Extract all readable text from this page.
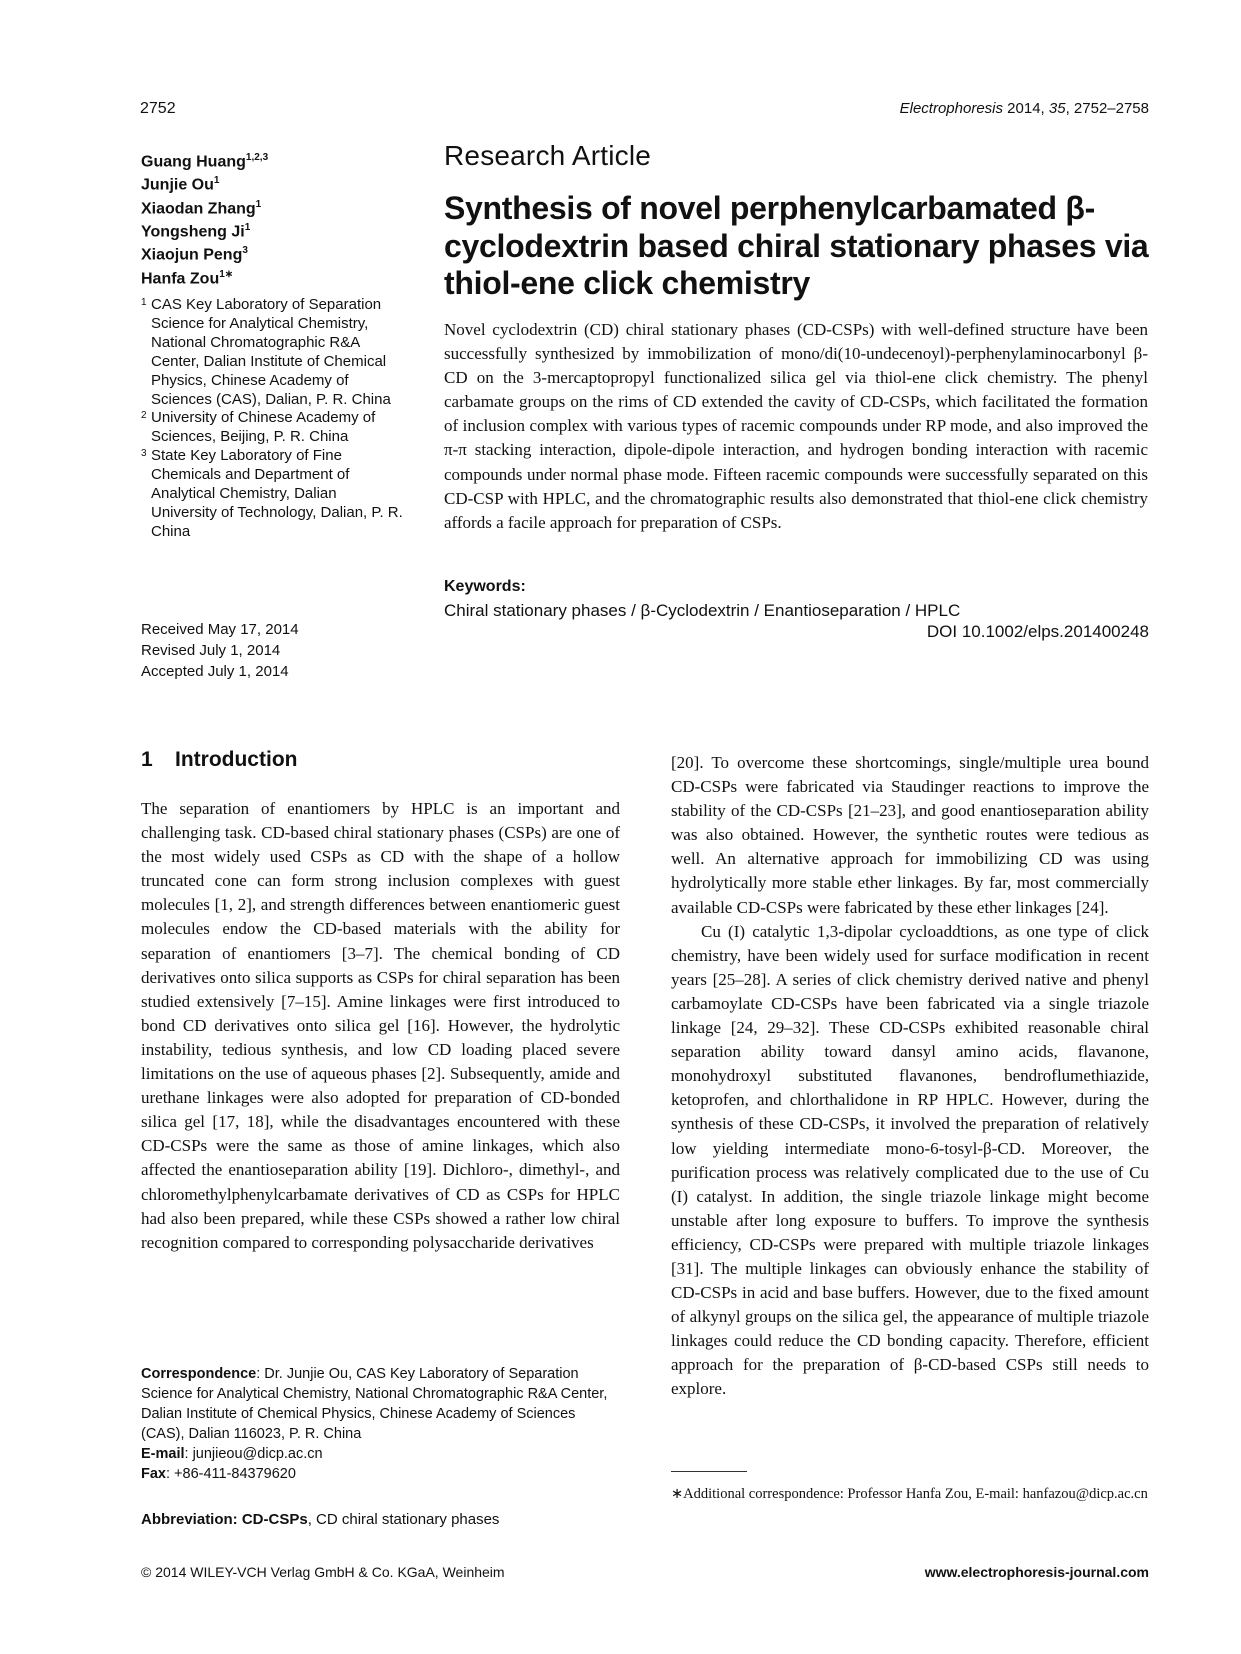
2752	Electrophoresis 2014, 35, 2752–2758
Guang Huang$^{1,2,3}$
Junjie Ou$^1$
Xiaodan Zhang$^1$
Yongsheng Ji$^1$
Xiaojun Peng$^3$
Hanfa Zou$^{1∗}$
1 CAS Key Laboratory of Separation Science for Analytical Chemistry, National Chromatographic R&A Center, Dalian Institute of Chemical Physics, Chinese Academy of Sciences (CAS), Dalian, P. R. China
2 University of Chinese Academy of Sciences, Beijing, P. R. China
3 State Key Laboratory of Fine Chemicals and Department of Analytical Chemistry, Dalian University of Technology, Dalian, P. R. China
Received May 17, 2014
Revised July 1, 2014
Accepted July 1, 2014
Research Article
Synthesis of novel perphenylcarbamated β-cyclodextrin based chiral stationary phases via thiol-ene click chemistry
Novel cyclodextrin (CD) chiral stationary phases (CD-CSPs) with well-defined structure have been successfully synthesized by immobilization of mono/di(10-undecenoyl)-perphenylaminocarbonyl β-CD on the 3-mercaptopropyl functionalized silica gel via thiol-ene click chemistry. The phenyl carbamate groups on the rims of CD extended the cavity of CD-CSPs, which facilitated the formation of inclusion complex with various types of racemic compounds under RP mode, and also improved the π-π stacking interaction, dipole-dipole interaction, and hydrogen bonding interaction with racemic compounds under normal phase mode. Fifteen racemic compounds were successfully separated on this CD-CSP with HPLC, and the chromatographic results also demonstrated that thiol-ene click chemistry affords a facile approach for preparation of CSPs.
Keywords:
Chiral stationary phases / β-Cyclodextrin / Enantioseparation / HPLC
DOI 10.1002/elps.201400248
1 Introduction

The separation of enantiomers by HPLC is an important and challenging task. CD-based chiral stationary phases (CSPs) are one of the most widely used CSPs as CD with the shape of a hollow truncated cone can form strong inclusion complexes with guest molecules [1, 2], and strength differences between enantiomeric guest molecules endow the CD-based materials with the ability for separation of enantiomers [3–7]. The chemical bonding of CD derivatives onto silica supports as CSPs for chiral separation has been studied extensively [7–15]. Amine linkages were first introduced to bond CD derivatives onto silica gel [16]. However, the hydrolytic instability, tedious synthesis, and low CD loading placed severe limitations on the use of aqueous phases [2]. Subsequently, amide and urethane linkages were also adopted for preparation of CD-bonded silica gel [17, 18], while the disadvantages encountered with these CD-CSPs were the same as those of amine linkages, which also affected the enantioseparation ability [19]. Dichloro-, dimethyl-, and chloromethylphenylcarbamate derivatives of CD as CSPs for HPLC had also been prepared, while these CSPs showed a rather low chiral recognition compared to corresponding polysaccharide derivatives

[20]. To overcome these shortcomings, single/multiple urea bound CD-CSPs were fabricated via Staudinger reactions to improve the stability of the CD-CSPs [21–23], and good enantioseparation ability was also obtained. However, the synthetic routes were tedious as well. An alternative approach for immobilizing CD was using hydrolytically more stable ether linkages. By far, most commercially available CD-CSPs were fabricated by these ether linkages [24].

Cu (I) catalytic 1,3-dipolar cycloaddtions, as one type of click chemistry, have been widely used for surface modification in recent years [25–28]. A series of click chemistry derived native and phenyl carbamoylate CD-CSPs have been fabricated via a single triazole linkage [24, 29–32]. These CD-CSPs exhibited reasonable chiral separation ability toward dansyl amino acids, flavanone, monohydroxyl substituted flavanones, bendroflumethiazide, ketoprofen, and chlorthalidone in RP HPLC. However, during the synthesis of these CD-CSPs, it involved the preparation of relatively low yielding intermediate mono-6-tosyl-β-CD. Moreover, the purification process was relatively complicated due to the use of Cu (I) catalyst. In addition, the single triazole linkage might become unstable after long exposure to buffers. To improve the synthesis efficiency, CD-CSPs were prepared with multiple triazole linkages [31]. The multiple linkages can obviously enhance the stability of CD-CSPs in acid and base buffers. However, due to the fixed amount of alkynyl groups on the silica gel, the appearance of multiple triazole linkages could reduce the CD bonding capacity. Therefore, efficient approach for the preparation of β-CD-based CSPs still needs to explore.

Correspondence: Dr. Junjie Ou, CAS Key Laboratory of Separation Science for Analytical Chemistry, National Chromatographic R&A Center, Dalian Institute of Chemical Physics, Chinese Academy of Sciences (CAS), Dalian 116023, P. R. China
E-mail: junjieou@dicp.ac.cn
Fax: +86-411-84379620
Abbreviation: CD-CSPs, CD chiral stationary phases
∗Additional correspondence: Professor Hanfa Zou, E-mail: hanfazou@dicp.ac.cn
© 2014 WILEY-VCH Verlag GmbH & Co. KGaA, Weinheim	www.electrophoresis-journal.com
